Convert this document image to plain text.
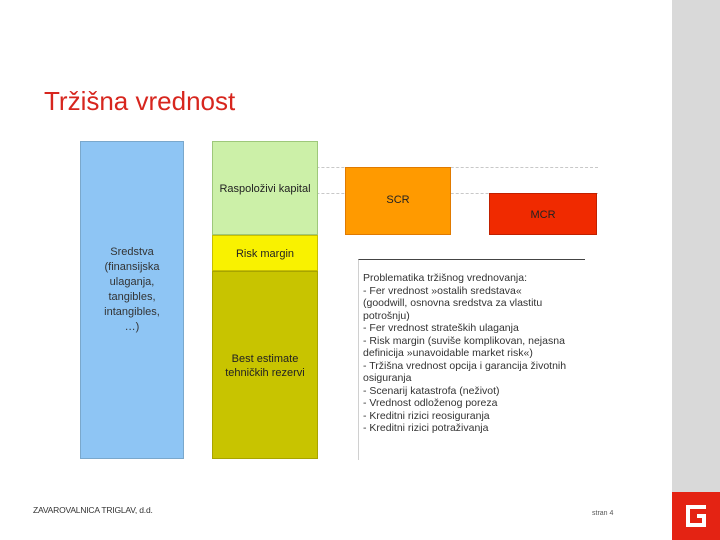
Tržišna vrednost
Sredstva
(finansijska
ulaganja,
tangibles,
intangibles,
…)
Raspoloživi kapital
Risk margin
Best estimate
tehničkih rezervi
SCR
MCR
Problematika tržišnog vrednovanja:
- Fer vrednost »ostalih sredstava«
(goodwill, osnovna sredstva za vlastitu
potrošnju)
- Fer vrednost strateških ulaganja
- Risk margin (suviše komplikovan, nejasna
definicija »unavoidable market risk«)
- Tržišna vrednost opcija i garancija životnih
osiguranja
- Scenarij katastrofa (neživot)
- Vrednost odloženog poreza
- Kreditni rizici reosiguranja
- Kreditni rizici potraživanja
ZAVAROVALNICA TRIGLAV, d.d.	stran 4
